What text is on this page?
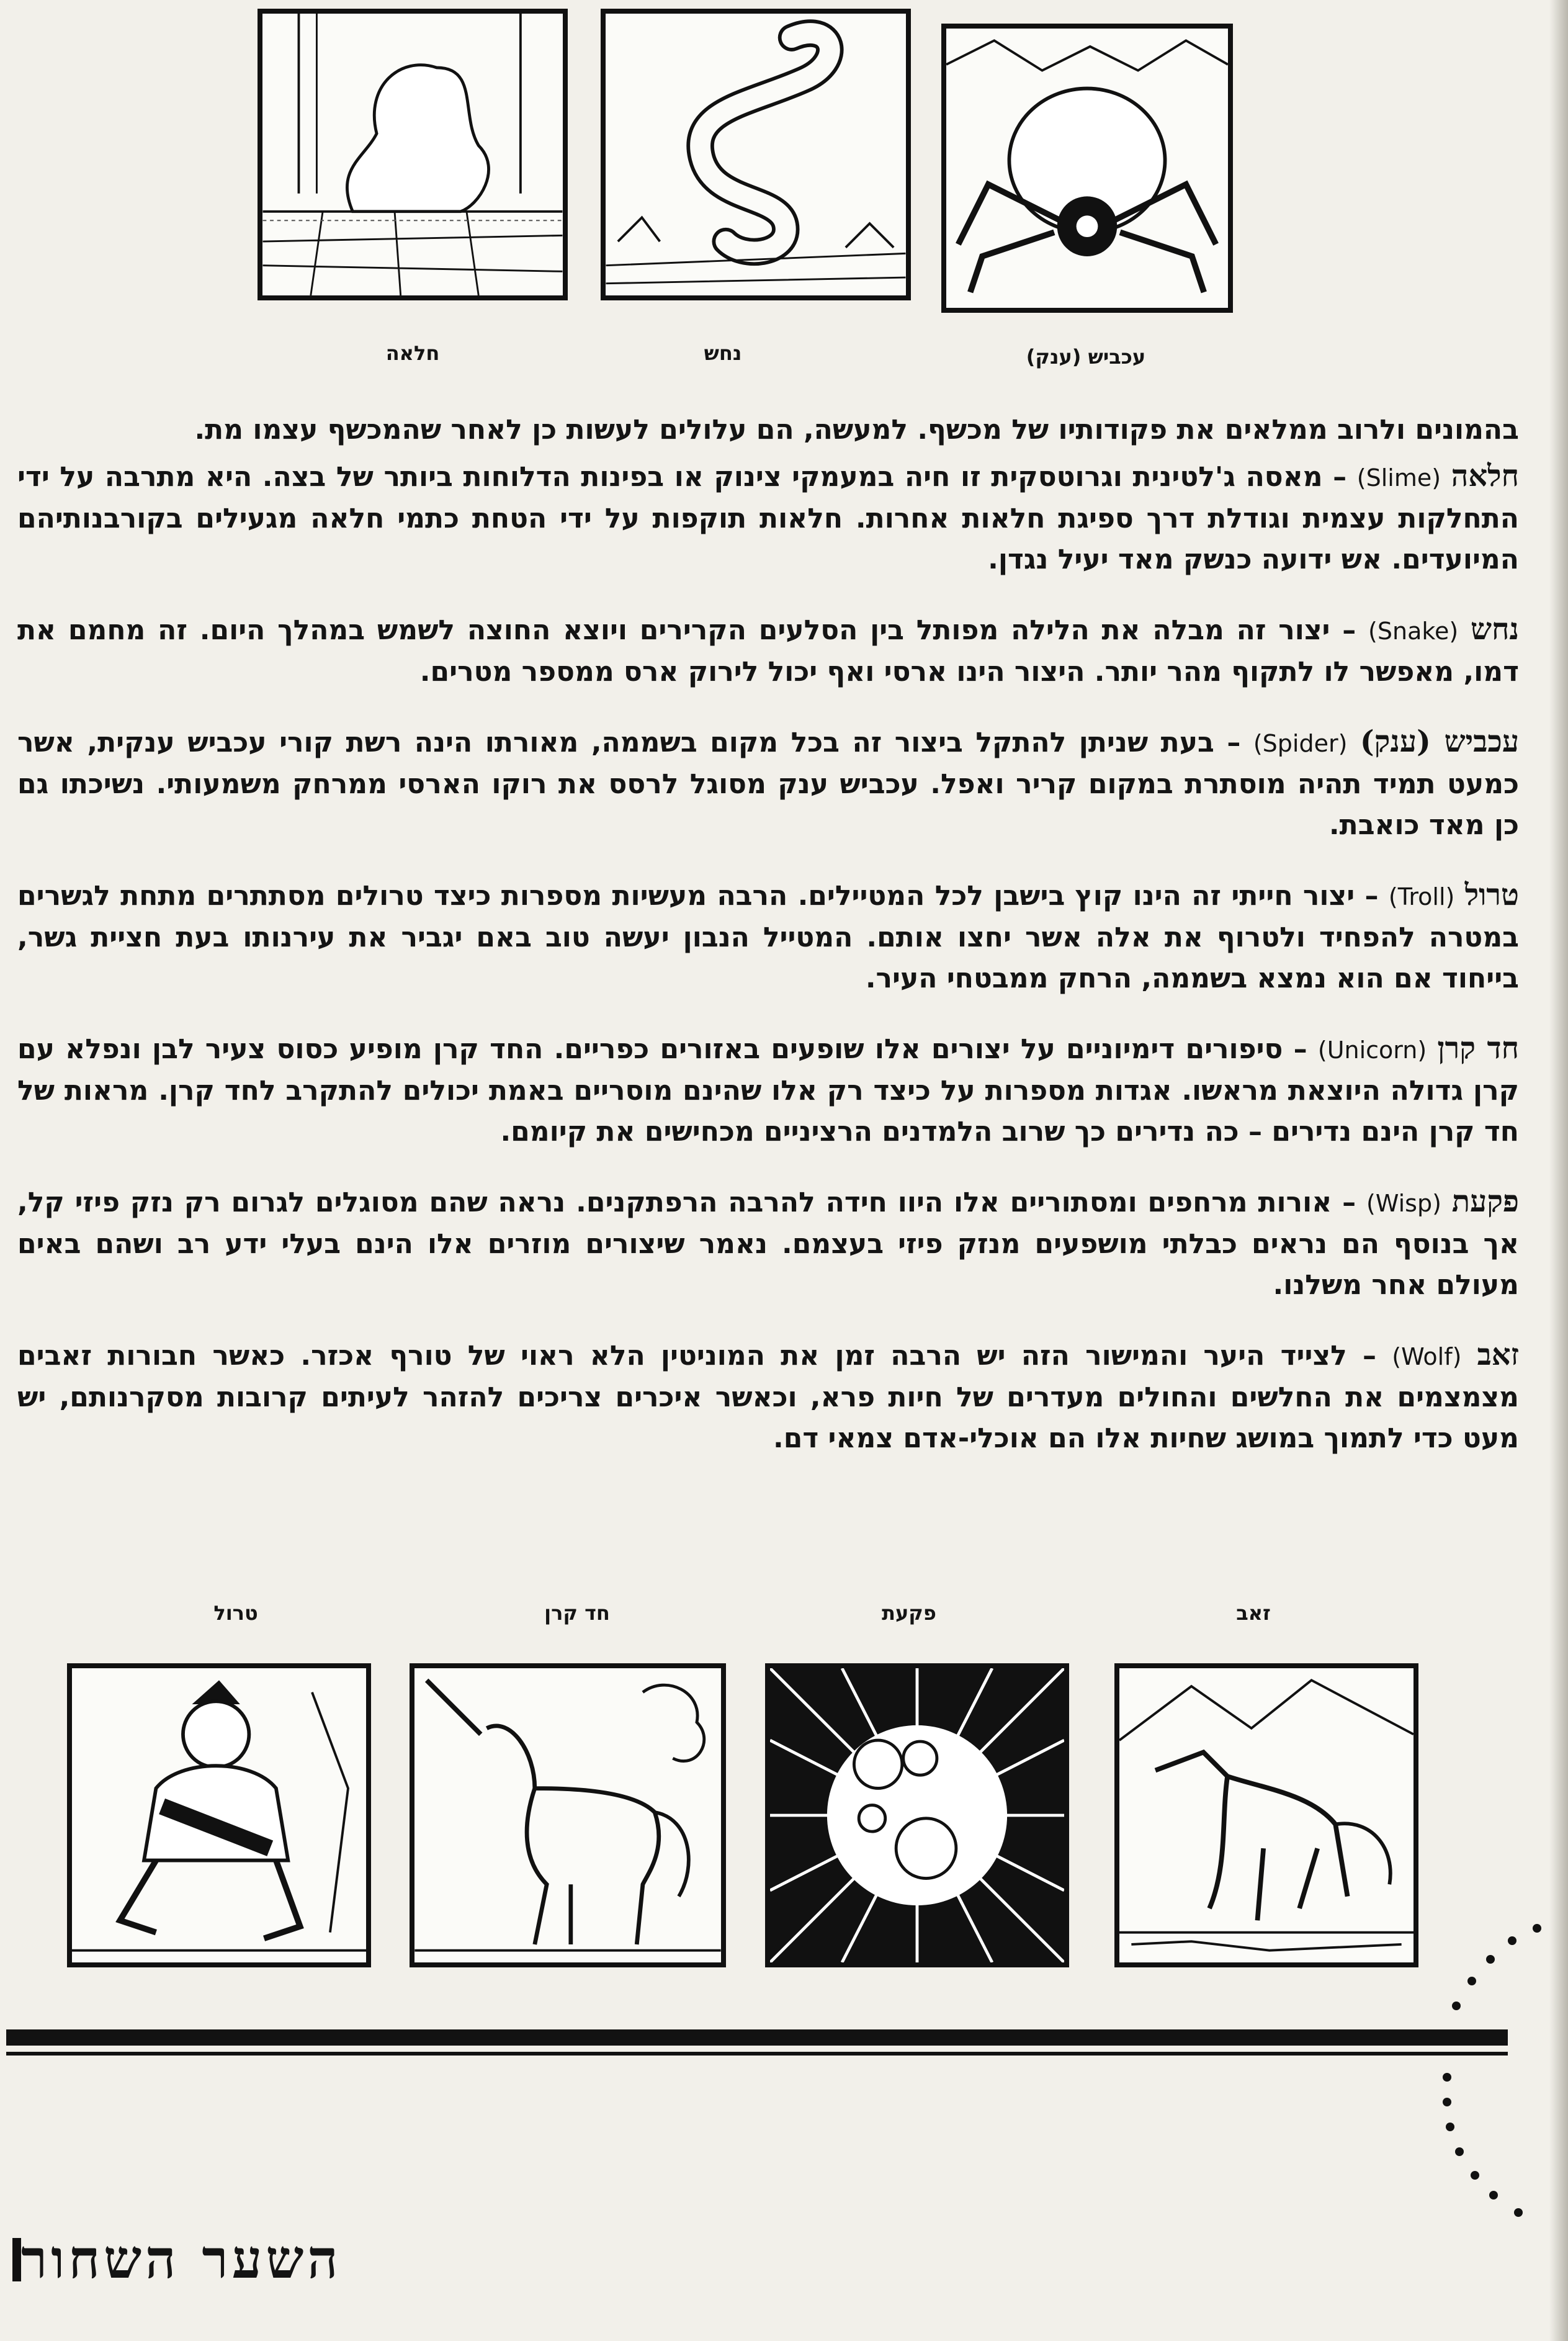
חלאה	נחש	עכביש (ענק)

בהמונים ולרוב ממלאים את פקודותיו של מכשף. למעשה, הם עלולים לעשות כן לאחר שהמכשף עצמו מת.

חלאה (Slime) – מאסה ג'לטינית וגרוטסקית זו חיה במעמקי צינוק או בפינות הדלוחות ביותר של בצה. היא מתרבה על ידי התחלקות עצמית וגודלת דרך ספיגת חלאות אחרות. חלאות תוקפות על ידי הטחת כתמי חלאה מגעילים בקורבנותיהם המיועדים. אש ידועה כנשק מאד יעיל נגדן.

נחש (Snake) – יצור זה מבלה את הלילה מפותל בין הסלעים הקרירים ויוצא החוצה לשמש במהלך היום. זה מחמם את דמו, מאפשר לו לתקוף מהר יותר. היצור הינו ארסי ואף יכול לירוק ארס ממספר מטרים.

עכביש (ענק) (Spider) – בעת שניתן להתקל ביצור זה בכל מקום בשממה, מאורתו הינה רשת קורי עכביש ענקית, אשר כמעט תמיד תהיה מוסתרת במקום קריר ואפל. עכביש ענק מסוגל לרסס את רוקו הארסי ממרחק משמעותי. נשיכתו גם כן מאד כואבת.

טרול (Troll) – יצור חייתי זה הינו קוץ בישבן לכל המטיילים. הרבה מעשיות מספרות כיצד טרולים מסתתרים מתחת לגשרים במטרה להפחיד ולטרוף את אלה אשר יחצו אותם. המטייל הנבון יעשה טוב באם יגביר את עירנותו בעת חציית גשר, בייחוד אם הוא נמצא בשממה, הרחק ממבטחי העיר.

חד קרן (Unicorn) – סיפורים דימיוניים על יצורים אלו שופעים באזורים כפריים. החד קרן מופיע כסוס צעיר לבן ונפלא עם קרן גדולה היוצאת מראשו. אגדות מספרות על כיצד רק אלו שהינם מוסריים באמת יכולים להתקרב לחד קרן. מראות של חד קרן הינם נדירים – כה נדירים כך שרוב הלמדנים הרציניים מכחישים את קיומם.

פקעת (Wisp) – אורות מרחפים ומסתוריים אלו היוו חידה להרבה הרפתקנים. נראה שהם מסוגלים לגרום רק נזק פיזי קל, אך בנוסף הם נראים כבלתי מושפעים מנזק פיזי בעצמם. נאמר שיצורים מוזרים אלו הינם בעלי ידע רב ושהם באים מעולם אחר משלנו.

זאב (Wolf) – לצייד היער והמישור הזה יש הרבה זמן את המוניטין הלא ראוי של טורף אכזר. כאשר חבורות זאבים מצמצמים את החלשים והחולים מעדרים של חיות פרא, וכאשר איכרים צריכים להזהר לעיתים קרובות מסקרנותם, יש מעט כדי לתמוך במושג שחיות אלו הם אוכלי-אדם צמאי דם.

טרול	חד קרן	פקעת	זאב
השער השחור
